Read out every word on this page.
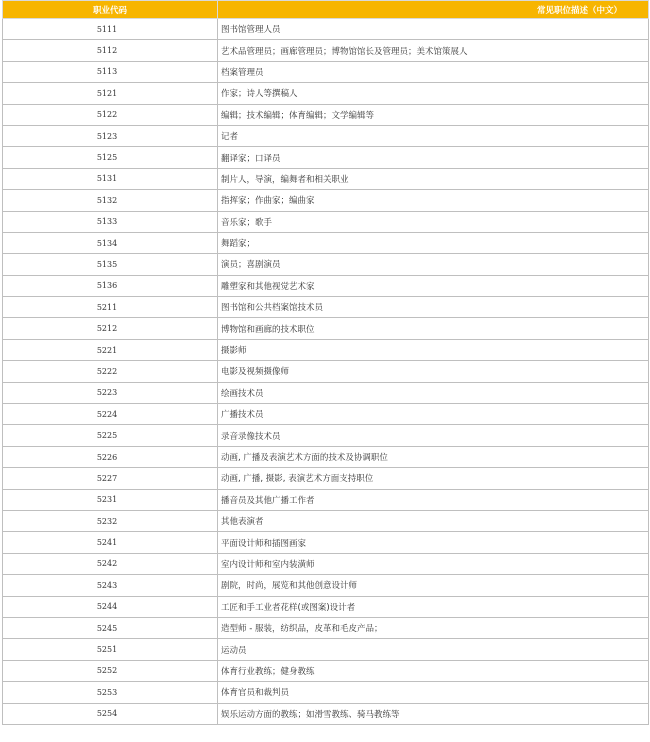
职业代码	常见职位描述（中文）
5111	图书馆管理人员
5112	艺术品管理员；画廊管理员；博物馆馆长及管理员；美术馆策展人
5113	档案管理员
5121	作家；诗人等撰稿人
5122	编辑；技术编辑；体育编辑；文学编辑等
5123	记者
5125	翻译家；口译员
5131	制片人，导演，编舞者和相关职业
5132	指挥家；作曲家；编曲家
5133	音乐家；歌手
5134	舞蹈家；
5135	演员；喜剧演员
5136	雕塑家和其他视觉艺术家
5211	图书馆和公共档案馆技术员
5212	博物馆和画廊的技术职位
5221	摄影师
5222	电影及视频摄像师
5223	绘画技术员
5224	广播技术员
5225	录音录像技术员
5226	动画, 广播及表演艺术方面的技术及协调职位
5227	动画, 广播, 摄影, 表演艺术方面支持职位
5231	播音员及其他广播工作者
5232	其他表演者
5241	平面设计师和插图画家
5242	室内设计师和室内装潢师
5243	剧院，时尚，展览和其他创意设计师
5244	工匠和手工业者花样(或图案)设计者
5245	造型师 - 服装，纺织品，皮革和毛皮产品；
5251	运动员
5252	体育行业教练；健身教练
5253	体育官员和裁判员
5254	娱乐运动方面的教练；如滑雪教练、骑马教练等
